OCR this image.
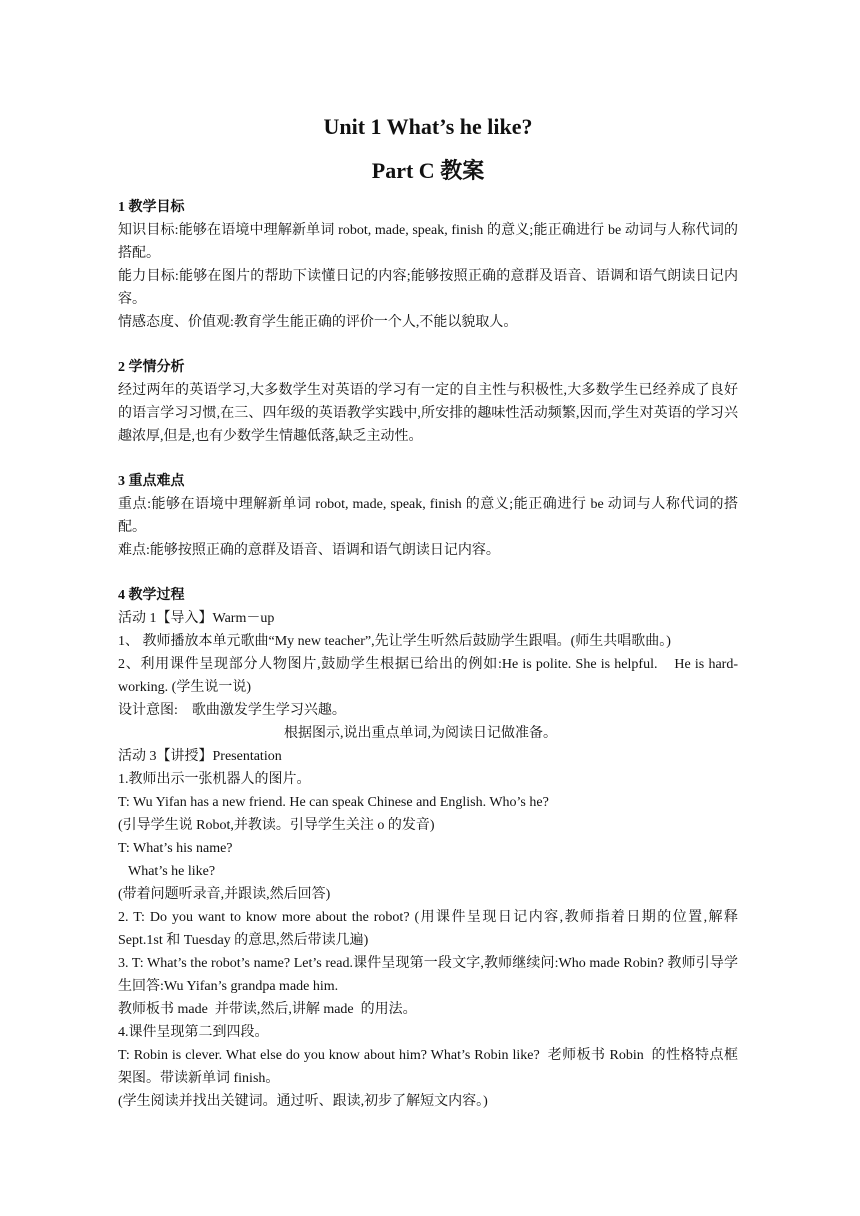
Unit 1 What’s he like?
Part C 教案

1 教学目标

知识目标:能够在语境中理解新单词 robot, made, speak, finish 的意义;能正确进行 be 动词与人称代词的搭配。

能力目标:能够在图片的帮助下读懂日记的内容;能够按照正确的意群及语音、语调和语气朗读日记内容。

情感态度、价值观:教育学生能正确的评价一个人,不能以貌取人。

2 学情分析

经过两年的英语学习,大多数学生对英语的学习有一定的自主性与积极性,大多数学生已经养成了良好的语言学习习惯,在三、四年级的英语教学实践中,所安排的趣味性活动频繁,因而,学生对英语的学习兴趣浓厚,但是,也有少数学生情趣低落,缺乏主动性。

3 重点难点

重点:能够在语境中理解新单词 robot, made, speak, finish 的意义;能正确进行 be 动词与人称代词的搭配。

难点:能够按照正确的意群及语音、语调和语气朗读日记内容。

4 教学过程

活动 1【导入】Warm－up

1、 教师播放本单元歌曲“My new teacher”,先让学生听然后鼓励学生跟唱。(师生共唱歌曲。)

2、利用课件呈现部分人物图片,鼓励学生根据已给出的例如:He is polite. She is helpful.    He is hard-working. (学生说一说)

设计意图:    歌曲激发学生学习兴趣。

根据图示,说出重点单词,为阅读日记做准备。

活动 3【讲授】Presentation

1.教师出示一张机器人的图片。

T: Wu Yifan has a new friend. He can speak Chinese and English. Who’s he?

(引导学生说 Robot,并教读。引导学生关注 o 的发音)

T: What’s his name?

What’s he like?

(带着问题听录音,并跟读,然后回答)

2. T: Do you want to know more about the robot? (用课件呈现日记内容,教师指着日期的位置,解释 Sept.1st 和 Tuesday 的意思,然后带读几遍)

3. T: What’s the robot’s name? Let’s read.课件呈现第一段文字,教师继续问:Who made Robin? 教师引导学生回答:Wu Yifan’s grandpa made him.

教师板书 made  并带读,然后,讲解 made  的用法。

4.课件呈现第二到四段。

T: Robin is clever. What else do you know about him? What’s Robin like?  老师板书 Robin  的性格特点框架图。带读新单词 finish。

(学生阅读并找出关键词。通过听、跟读,初步了解短文内容。)
